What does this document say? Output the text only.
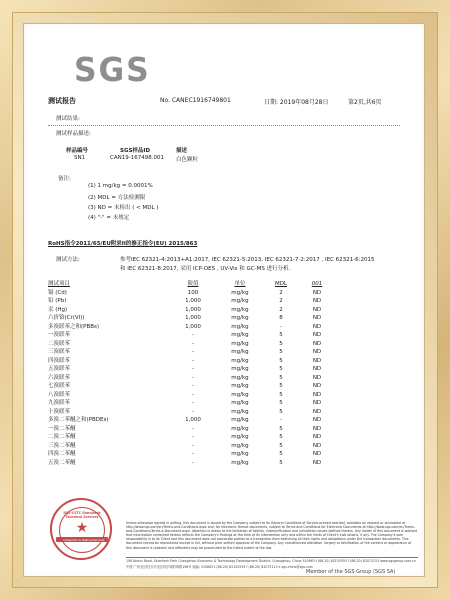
SGS
测试报告	No. CANEC1916749801	日期: 2019年08月28日	第2页,共6页
测试结果:
测试样品描述:
样品编号	SGS样品ID	描述
SN1	CAN19-167498.001 白色颗粒
备注:
(1) 1 mg/kg = 0.0001%
(2) MDL = 方法检测限
(3) ND = 未检出 ( < MDL )
(4) "-" = 未规定
RoHS指令2011/65/EU附录II的修正指令(EU) 2015/863
测试方法:	参考IEC 62321-4:2013+A1:2017, IEC 62321-5:2013, IEC 62321-7-2:2017 , IEC 62321-6:2015
和 IEC 62321-8:2017, 采用 ICP-OES , UV-Vis 和 GC-MS 进行分析.
测试项目	限值	单位	MDL	001
镉 (Cd)	100	mg/kg	2	ND
铅 (Pb)	1,000	mg/kg	2	ND
汞 (Hg)	1,000	mg/kg	2	ND
六价铬(Cr(VI))	1,000	mg/kg	8	ND
多溴联苯之和(PBBs)	1,000	mg/kg	-	ND
一溴联苯	-	mg/kg	5	ND
二溴联苯	-	mg/kg	5	ND
三溴联苯	-	mg/kg	5	ND
四溴联苯	-	mg/kg	5	ND
五溴联苯	-	mg/kg	5	ND
六溴联苯	-	mg/kg	5	ND
七溴联苯	-	mg/kg	5	ND
八溴联苯	-	mg/kg	5	ND
九溴联苯	-	mg/kg	5	ND
十溴联苯	-	mg/kg	5	ND
多溴二苯醚之和(PBDEs)	1,000	mg/kg	-	ND
一溴二苯醚	-	mg/kg	5	ND
二溴二苯醚	-	mg/kg	5	ND
三溴二苯醚	-	mg/kg	5	ND
四溴二苯醚	-	mg/kg	5	ND
五溴二苯醚	-	mg/kg	5	ND
SGS-CSTC Standards Technical Services
★
Inspection & Testing Services
Unless otherwise agreed in writing, this document is issued by the Company subject to its General Conditions of Service printed overleaf, available on request or accessible at http://www.sgs.com/en/Terms-and-Conditions.aspx and, for electronic format documents, subject to Terms and Conditions for Electronic Documents at http://www.sgs.com/en/Terms-and-Conditions/Terms-e-Document.aspx. Attention is drawn to the limitation of liability, indemnification and jurisdiction issues defined therein. Any holder of this document is advised that information contained hereon reflects the Company's findings at the time of its intervention only and within the limits of Client's instructions, if any. The Company's sole responsibility is to its Client and this document does not exonerate parties to a transaction from exercising all their rights and obligations under the transaction documents. This document cannot be reproduced except in full, without prior written approval of the Company. Any unauthorized alteration, forgery or falsification of the content or appearance of this document is unlawful and offenders may be prosecuted to the fullest extent of the law.
198 Kezhu Road, Scientech Park Guangzhou Economic & Technology Development District, Guangzhou, China 510663 t (86-20) 82155555 f (86-20) 82075113 www.sgsgroup.com.cn
中国·广州·经济技术开发区科学城科珠路198号 邮编: 510663 t (86-20) 82155555 f (86-20) 82075113 e sgs.china@sgs.com
Member of the SGS Group (SGS SA)
